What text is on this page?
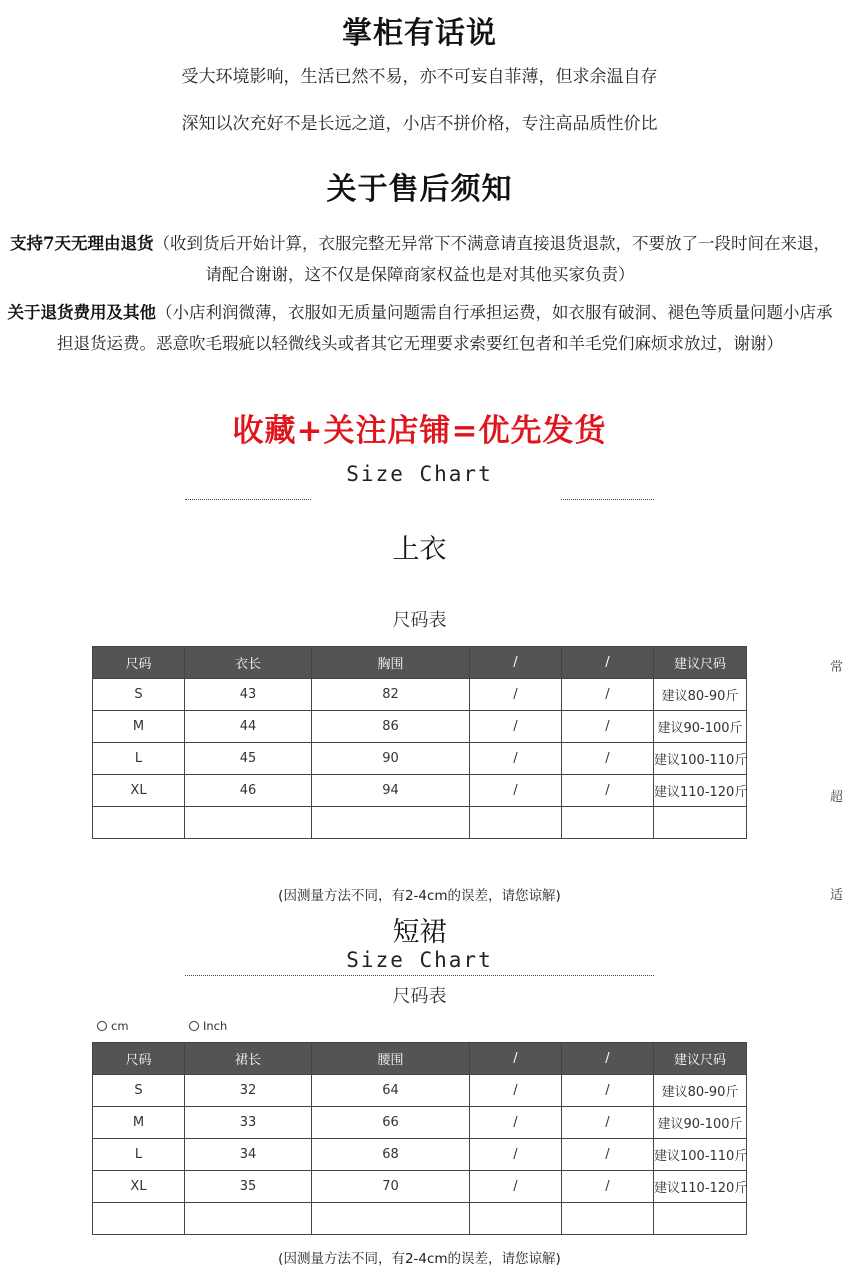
掌柜有话说
受大环境影响，生活已然不易，亦不可妄自菲薄，但求余温自存
深知以次充好不是长远之道，小店不拼价格，专注高品质性价比
关于售后须知
支持7天无理由退货（收到货后开始计算，衣服完整无异常下不满意请直接退货退款，不要放了一段时间在来退，请配合谢谢，这不仅是保障商家权益也是对其他买家负责）
关于退货费用及其他（小店利润微薄，衣服如无质量问题需自行承担运费，如衣服有破洞、褪色等质量问题小店承担退货运费。恶意吹毛瑕疵以轻微线头或者其它无理要求索要红包者和羊毛党们麻烦求放过，谢谢）
收藏+关注店铺=优先发货
Size Chart
上衣
尺码表
尺码	衣长	胸围	/	/	建议尺码
S	43	82	/	/	建议80-90斤
M	44	86	/	/	建议90-100斤
L	45	90	/	/	建议100-110斤
XL	46	94	/	/	建议110-120斤

(因测量方法不同，有2-4cm的误差，请您谅解)
短裙
Size Chart
尺码表
cm	Inch
尺码	裙长	腰围	/	/	建议尺码
S	32	64	/	/	建议80-90斤
M	33	66	/	/	建议90-100斤
L	34	68	/	/	建议100-110斤
XL	35	70	/	/	建议110-120斤

(因测量方法不同，有2-4cm的误差，请您谅解)
常
超
适
